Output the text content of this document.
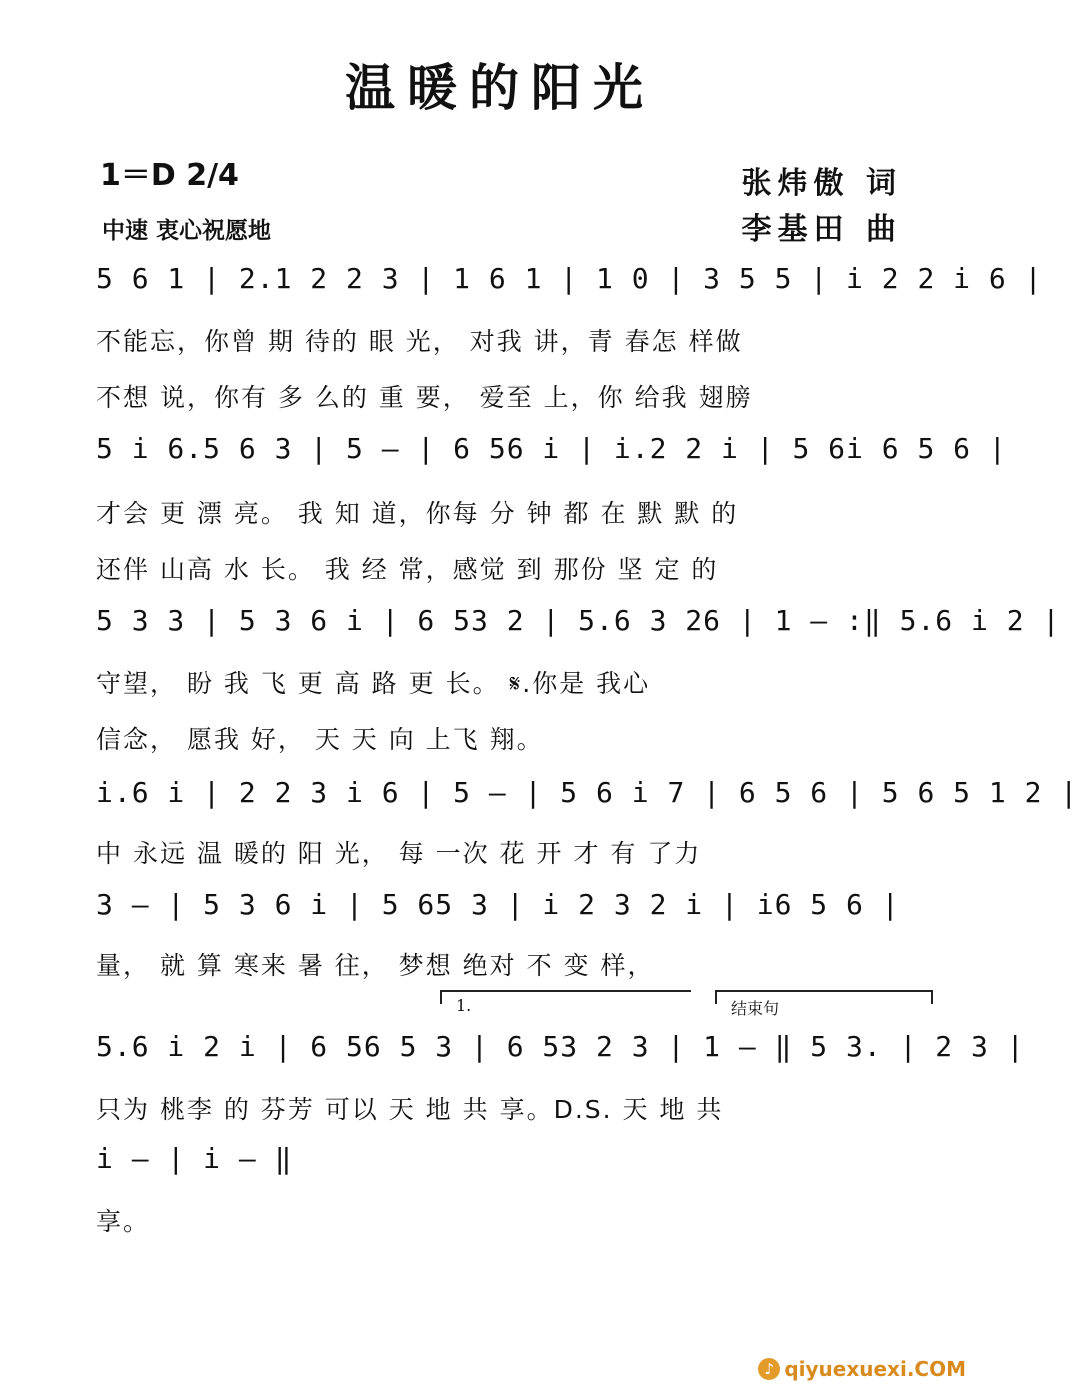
温暖的阳光
1＝D 2/4
中速 衷心祝愿地
张炜傲 词
李基田 曲
5 6 1 | 2.1 2 2 3 | 1 6 1 | 1 0 | 3 5 5 | i 2 2 i 6 |
不能忘，你曾 期 待的 眼 光， 对我 讲，青 春怎 样做
不想 说，你有 多 么的 重 要， 爱至 上，你 给我 翅膀
5 i 6.5 6 3 | 5 — | 6 56 i | i.2 2 i | 5 6i 6 5 6 |
才会 更 漂 亮。 我 知 道，你每 分 钟 都 在 默 默 的
还伴 山高 水 长。 我 经 常，感觉 到 那份 坚 定 的
5 3 3 | 5 3 6 i | 6 53 2 | 5.6 3 26 | 1 — :‖ 5.6 i 2 |
守望， 盼 我 飞 更 高 路 更 长。 𝄋.你是 我心
信念， 愿我 好， 天 天 向 上飞 翔。
i.6 i | 2 2 3 i 6 | 5 — | 5 6 i 7 | 6 5 6 | 5 6 5 1 2 |
中 永远 温 暖的 阳 光， 每 一次 花 开 才 有 了力
3 — | 5 3 6 i | 5 65 3 | i 2 3 2 i | i6 5 6 |
量， 就 算 寒来 暑 往， 梦想 绝对 不 变 样，
1.	结束句
5.6 i 2 i | 6 56 5 3 | 6 53 2 3 | 1 — ‖ 5 3. | 2 3 |
只为 桃李 的 芬芳 可以 天 地 共 享。D.S. 天 地 共
i — | i — ‖
享。
♪ qiyuexuexi.COM
